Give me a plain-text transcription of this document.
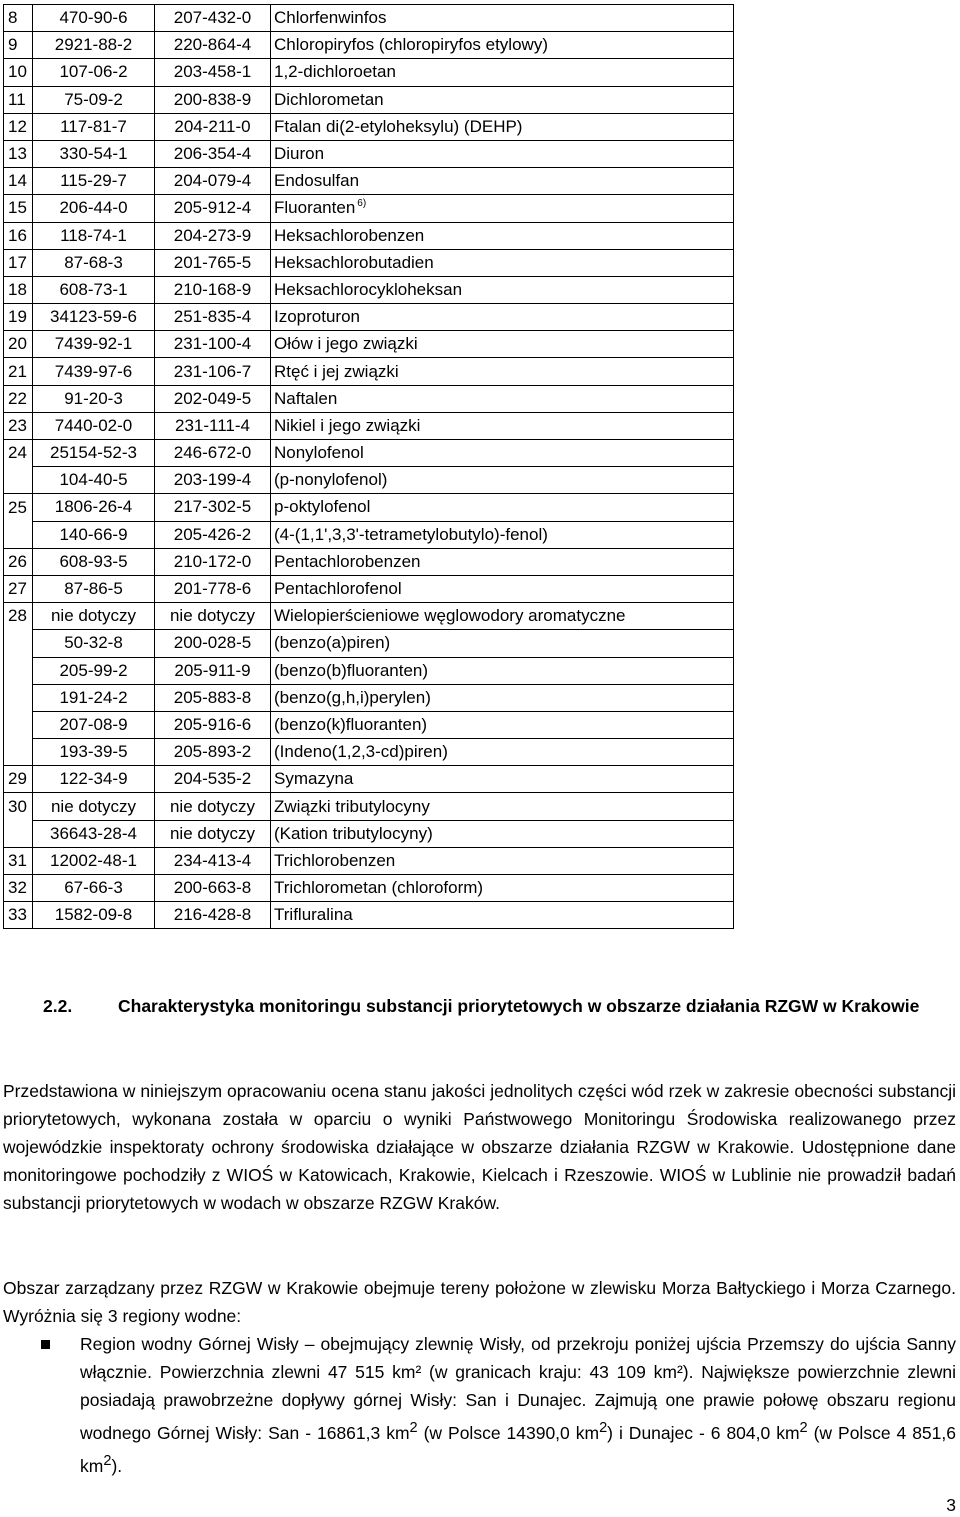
8	470-90-6	207-432-0	Chlorfenwinfos
9	2921-88-2	220-864-4	Chloropiryfos (chloropiryfos etylowy)
10	107-06-2	203-458-1	1,2-dichloroetan
11	75-09-2	200-838-9	Dichlorometan
12	117-81-7	204-211-0	Ftalan di(2-etyloheksylu) (DEHP)
13	330-54-1	206-354-4	Diuron
14	115-29-7	204-079-4	Endosulfan
15	206-44-0	205-912-4	Fluoranten $^{6)}$
16	118-74-1	204-273-9	Heksachlorobenzen
17	87-68-3	201-765-5	Heksachlorobutadien
18	608-73-1	210-168-9	Heksachlorocykloheksan
19	34123-59-6	251-835-4	Izoproturon
20	7439-92-1	231-100-4	Ołów i jego związki
21	7439-97-6	231-106-7	Rtęć i jej związki
22	91-20-3	202-049-5	Naftalen
23	7440-02-0	231-111-4	Nikiel i jego związki
24	25154-52-3	246-672-0	Nonylofenol
	104-40-5	203-199-4	(p-nonylofenol)
25	1806-26-4	217-302-5	p-oktylofenol
	140-66-9	205-426-2	(4-(1,1',3,3'-tetrametylobutylo)-fenol)
26	608-93-5	210-172-0	Pentachlorobenzen
27	87-86-5	201-778-6	Pentachlorofenol
28	nie dotyczy	nie dotyczy	Wielopierścieniowe węglowodory aromatyczne
	50-32-8	200-028-5	(benzo(a)piren)
	205-99-2	205-911-9	(benzo(b)fluoranten)
	191-24-2	205-883-8	(benzo(g,h,i)perylen)
	207-08-9	205-916-6	(benzo(k)fluoranten)
	193-39-5	205-893-2	(Indeno(1,2,3-cd)piren)
29	122-34-9	204-535-2	Symazyna
30	nie dotyczy	nie dotyczy	Związki tributylocyny
	36643-28-4	nie dotyczy	(Kation tributylocyny)
31	12002-48-1	234-413-4	Trichlorobenzen
32	67-66-3	200-663-8	Trichlorometan (chloroform)
33	1582-09-8	216-428-8	Trifluralina
2.2.	Charakterystyka monitoringu substancji priorytetowych w obszarze działania RZGW w Krakowie
Przedstawiona w niniejszym opracowaniu ocena stanu jakości jednolitych części wód rzek w zakresie obecności substancji priorytetowych, wykonana została w oparciu o wyniki Państwowego Monitoringu Środowiska realizowanego przez wojewódzkie inspektoraty ochrony środowiska działające w obszarze działania RZGW w Krakowie. Udostępnione dane monitoringowe pochodziły z WIOŚ w Katowicach, Krakowie, Kielcach i Rzeszowie. WIOŚ w Lublinie nie prowadził badań substancji priorytetowych w wodach w obszarze RZGW Kraków.
Obszar zarządzany przez RZGW w Krakowie obejmuje tereny położone w zlewisku Morza Bałtyckiego i Morza Czarnego. Wyróżnia się 3 regiony wodne:
Region wodny Górnej Wisły – obejmujący zlewnię Wisły, od przekroju poniżej ujścia Przemszy do ujścia Sanny włącznie. Powierzchnia zlewni 47 515 km² (w granicach kraju: 43 109 km²). Największe powierzchnie zlewni posiadają prawobrzeżne dopływy górnej Wisły: San i Dunajec. Zajmują one prawie połowę obszaru regionu wodnego Górnej Wisły: San - 16861,3 $km^2$ (w Polsce 14390,0 $km^2$) i Dunajec - 6 804,0 $km^2$ (w Polsce 4 851,6 $km^2$).
3
